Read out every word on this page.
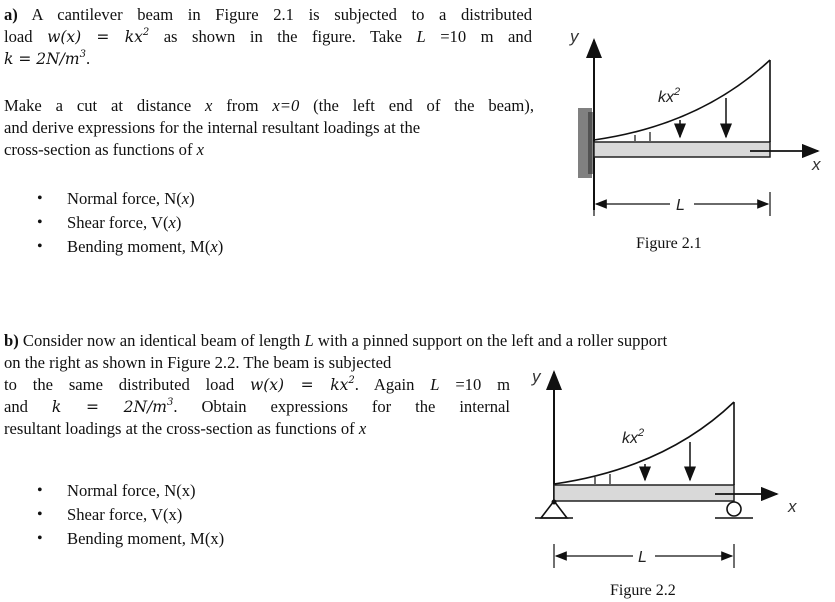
a) A cantilever beam in Figure 2.1 is subjected to a distributed
load $w(x) = kx^2$ as shown in the figure. Take L =10 m and
$k = 2N/m^3$.
Make a cut at distance x from x=0 (the left end of the beam),
and derive expressions for the internal resultant loadings at the
cross-section as functions of x
• Normal force, N(x)
• Shear force, V(x)
• Bending moment, M(x)
y
x
$kx^2$
L
Figure 2.1
b) Consider now an identical beam of length L with a pinned support on the left and a roller support
on the right as shown in Figure 2.2. The beam is subjected
to the same distributed load $w(x) = kx^2$. Again L =10 m
and $k = 2N/m^3$. Obtain expressions for the internal
resultant loadings at the cross-section as functions of x
• Normal force, N(x)
• Shear force, V(x)
• Bending moment, M(x)
y
x
$kx^2$
L
Figure 2.2
